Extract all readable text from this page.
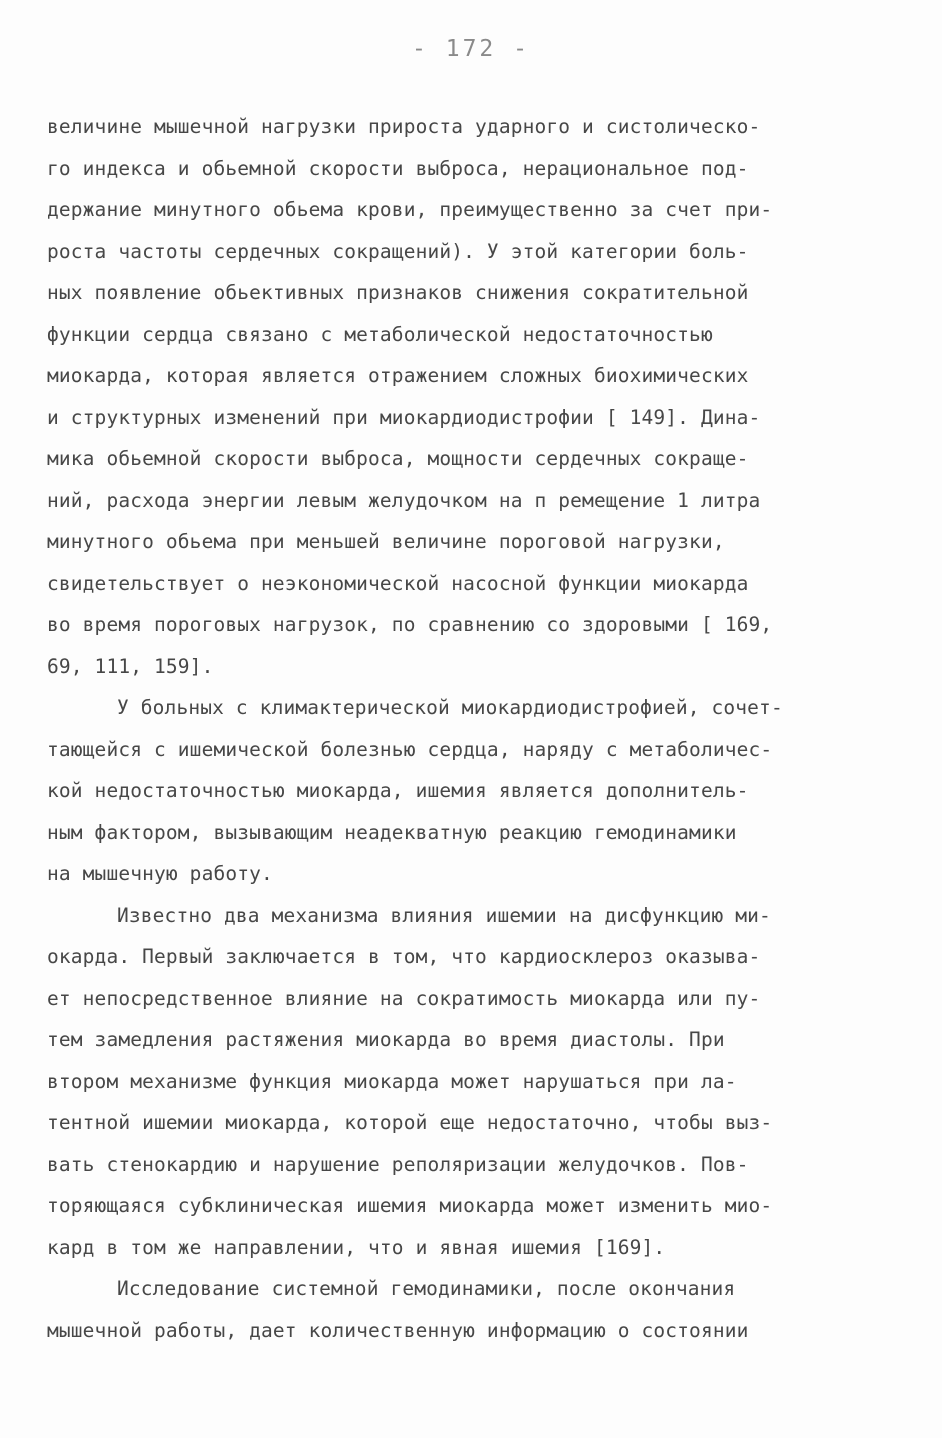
- 172 -
величине мышечной нагрузки прироста ударного и систолическо-
го индекса и обьемной скорости выброса, нерациональное под-
держание минутного обьема крови, преимущественно за счет при-
роста частоты сердечных сокращений). У этой категории боль-
ных появление обьективных признаков снижения сократительной
функции сердца связано с метаболической недостаточностью
миокарда, которая является отражением сложных биохимических
и структурных изменений при миокардиодистрофии [ 149]. Дина-
мика обьемной скорости выброса, мощности сердечных сокраще-
ний, расхода энергии левым желудочком на п ремещение 1 литра
минутного обьема при меньшей величине пороговой нагрузки,
свидетельствует о неэкономической насосной функции миокарда
во время пороговых нагрузок, по сравнению со здоровыми [ 169,
69, 111, 159].
У больных с климактерической миокардиодистрофией, сочет-
тающейся с ишемической болезнью сердца, наряду с метаболичес-
кой недостаточностью миокарда, ишемия является дополнитель-
ным фактором, вызывающим неадекватную реакцию гемодинамики
на мышечную работу.
Известно два механизма влияния ишемии на дисфункцию ми-
окарда. Первый заключается в том, что кардиосклероз оказыва-
ет непосредственное влияние на сократимость миокарда или пу-
тем замедления растяжения миокарда во время диастолы. При
втором механизме функция миокарда может нарушаться при ла-
тентной ишемии миокарда, которой еще недостаточно, чтобы выз-
вать стенокардию и нарушение реполяризации желудочков. Пов-
торяющаяся субклиническая ишемия миокарда может изменить мио-
кард в том же направлении, что и явная ишемия [169].
Исследование системной гемодинамики, после окончания
мышечной работы, дает количественную информацию о состоянии
